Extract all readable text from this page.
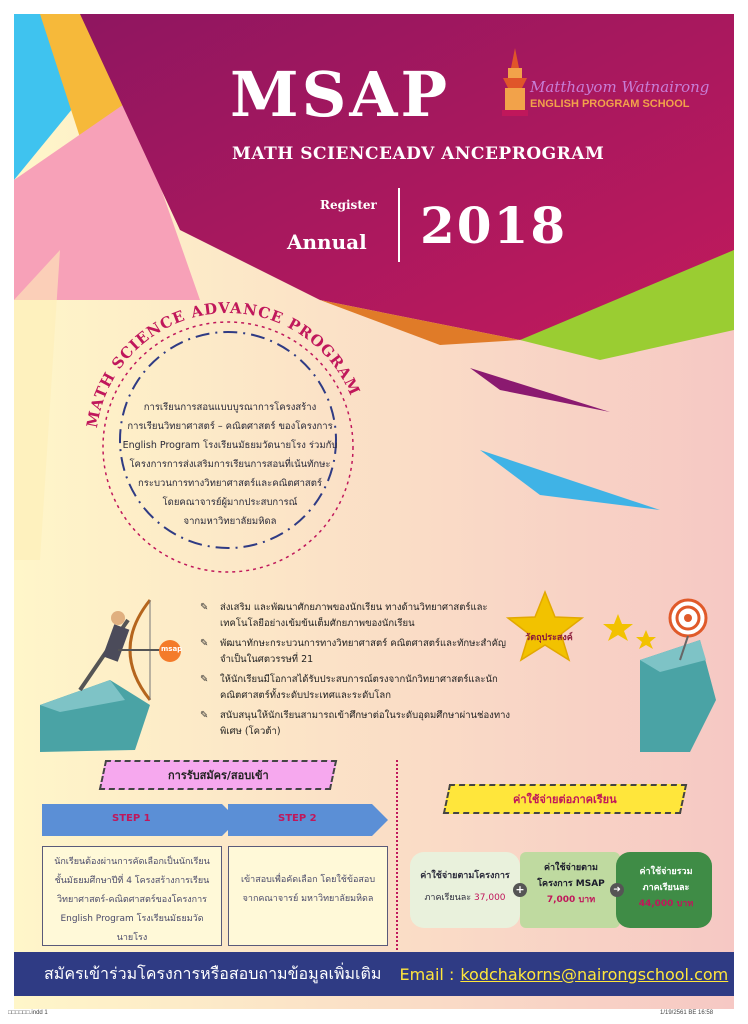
MATH SCIENCE ADVANCE PROGRAM
MSAP
MATH SCIENCEADV ANCEPROGRAM
Register
Annual 2018
Matthayom Watnairong
ENGLISH PROGRAM SCHOOL
การเรียนการสอนแบบบูรณาการโครงสร้าง
การเรียนวิทยาศาสตร์ – คณิตศาสตร์ ของโครงการ
English Program โรงเรียนมัธยมวัดนายโรง ร่วมกับ
โครงการการส่งเสริมการเรียนการสอนที่เน้นทักษะ
กระบวนการทางวิทยาศาสตร์และคณิตศาสตร์
โดยคณาจารย์ผู้มากประสบการณ์
จากมหาวิทยาลัยมหิดล
msap
✎ ส่งเสริม และพัฒนาศักยภาพของนักเรียน ทางด้านวิทยาศาสตร์และเทคโนโลยีอย่างเข้มข้นเต็มศักยภาพของนักเรียน
✎ พัฒนาทักษะกระบวนการทางวิทยาศาสตร์ คณิตศาสตร์และทักษะสำคัญจำเป็นในศตวรรษที่ 21
✎ ให้นักเรียนมีโอกาสได้รับประสบการณ์ตรงจากนักวิทยาศาสตร์และนักคณิตศาสตร์ทั้งระดับประเทศและระดับโลก
✎ สนับสนุนให้นักเรียนสามารถเข้าศึกษาต่อในระดับอุดมศึกษาผ่านช่องทางพิเศษ (โควต้า)
วัตถุประสงค์
การรับสมัคร/สอบเข้า
STEP 1	STEP 2
นักเรียนต้องผ่านการคัดเลือกเป็นนักเรียน
ชั้นมัธยมศึกษาปีที่ 4 โครงสร้างการเรียน
วิทยาศาสตร์-คณิตศาสตร์ของโครงการ
English Program โรงเรียนมัธยมวัดนายโรง
เข้าสอบเพื่อคัดเลือก โดยใช้ข้อสอบ
จากคณาจารย์ มหาวิทยาลัยมหิดล
ค่าใช้จ่ายต่อภาคเรียน
ค่าใช้จ่ายตามโครงการ
ภาคเรียนละ 37,000
+
ค่าใช้จ่ายตาม
โครงการ MSAP
7,000 บาท
➜
ค่าใช้จ่ายรวม
ภาคเรียนละ
44,000 บาท
สมัครเข้าร่วมโครงการหรือสอบถามข้อมูลเพิ่มเติม Email : kodchakorns@nairongschool.com
□□□□□□.indd 1	1/19/2561 BE 16:58
